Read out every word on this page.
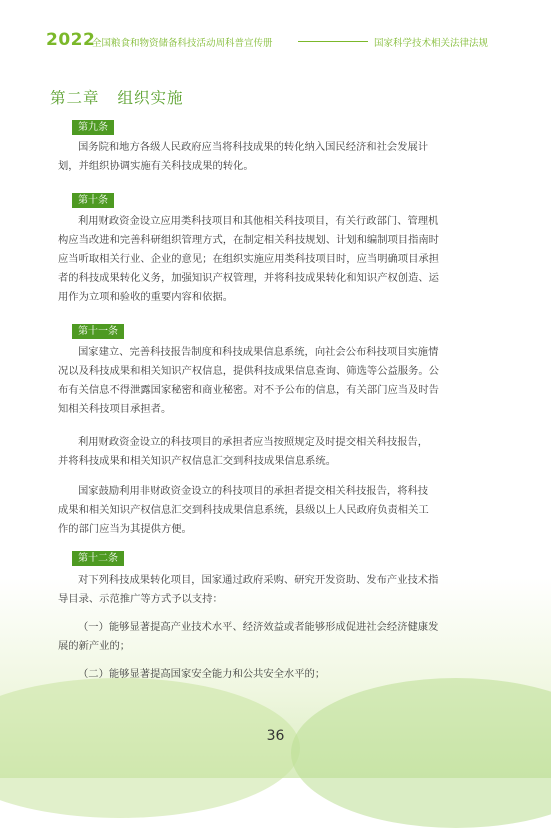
2022
全国粮食和物资储备科技活动周科普宣传册	国家科学技术相关法律法规
第二章 组织实施
第九条

国务院和地方各级人民政府应当将科技成果的转化纳入国民经济和社会发展计
划，并组织协调实施有关科技成果的转化。

第十条

利用财政资金设立应用类科技项目和其他相关科技项目，有关行政部门、管理机
构应当改进和完善科研组织管理方式，在制定相关科技规划、计划和编制项目指南时
应当听取相关行业、企业的意见；在组织实施应用类科技项目时，应当明确项目承担
者的科技成果转化义务，加强知识产权管理，并将科技成果转化和知识产权创造、运
用作为立项和验收的重要内容和依据。

第十一条

国家建立、完善科技报告制度和科技成果信息系统，向社会公布科技项目实施情
况以及科技成果和相关知识产权信息，提供科技成果信息查询、筛选等公益服务。公
布有关信息不得泄露国家秘密和商业秘密。对不予公布的信息，有关部门应当及时告
知相关科技项目承担者。

利用财政资金设立的科技项目的承担者应当按照规定及时提交相关科技报告，
并将科技成果和相关知识产权信息汇交到科技成果信息系统。

国家鼓励利用非财政资金设立的科技项目的承担者提交相关科技报告，将科技
成果和相关知识产权信息汇交到科技成果信息系统，县级以上人民政府负责相关工
作的部门应当为其提供方便。

第十二条

对下列科技成果转化项目，国家通过政府采购、研究开发资助、发布产业技术指
导目录、示范推广等方式予以支持：

（一）能够显著提高产业技术水平、经济效益或者能够形成促进社会经济健康发
展的新产业的；

（二）能够显著提高国家安全能力和公共安全水平的；

36
